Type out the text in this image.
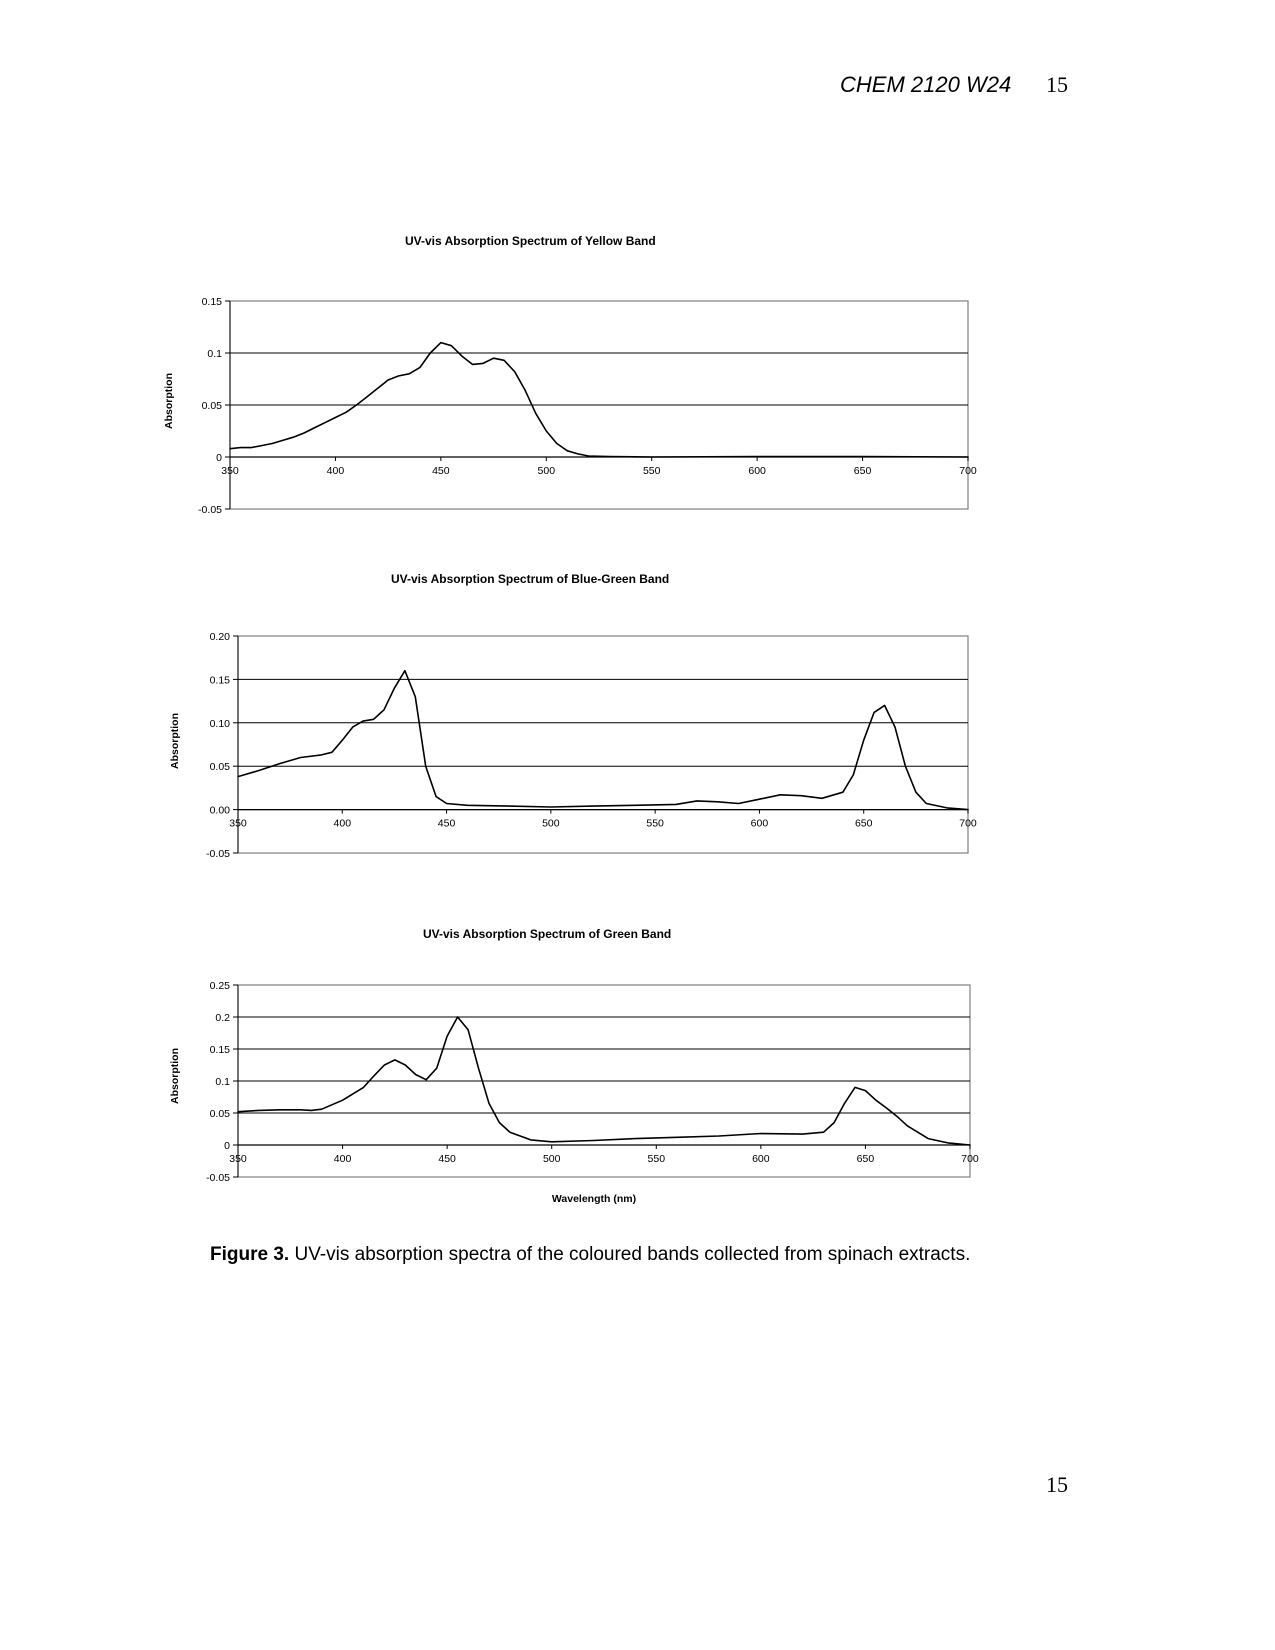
CHEM 2120 W24 15
UV-vis Absorption Spectrum of Yellow Band
0.15
0.1
0.05
0
-0.05
350	400	450	500	550	600	650	700
Absorption
UV-vis Absorption Spectrum of Blue-Green Band
0.20
0.15
0.10
0.05
0.00
-0.05
350	400	450	500	550	600	650	700
Absorption
UV-vis Absorption Spectrum of Green Band
0.25
0.2
0.15
0.1
0.05
0
-0.05
350	400	450	500	550	600	650	700
Absorption
Wavelength (nm)
Figure 3. UV-vis absorption spectra of the coloured bands collected from spinach extracts.
15
